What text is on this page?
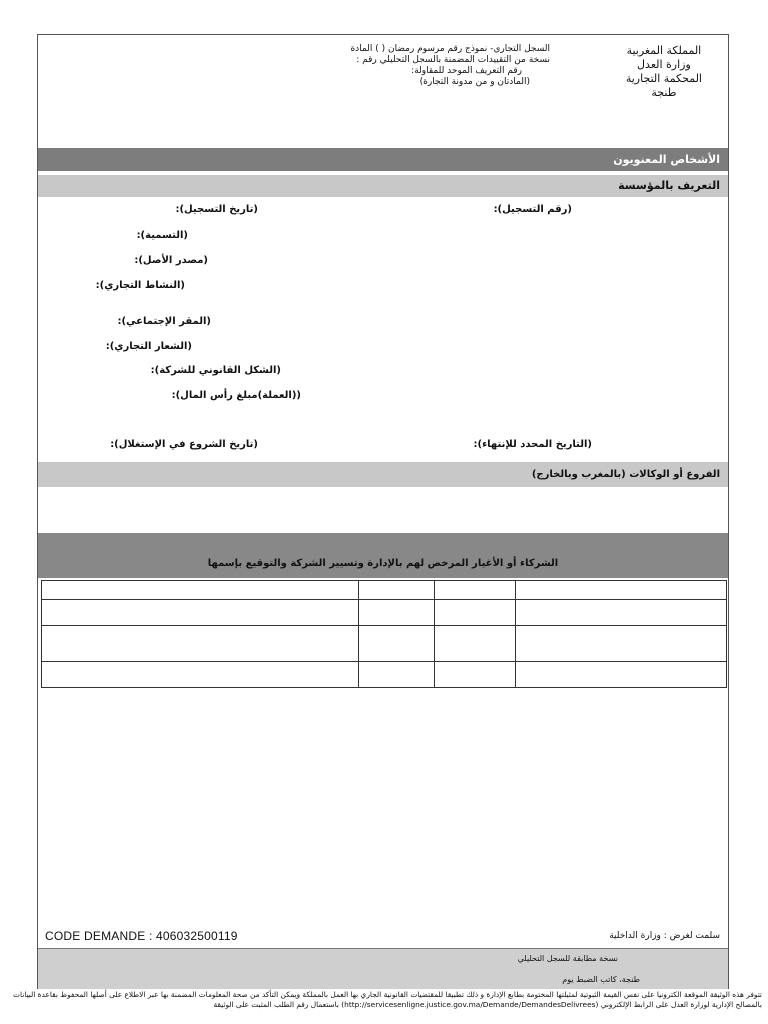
المملكة المغربية
وزارة العدل
المحكمة التجارية
طنجة
السجل التجاري- نموذج رقم مرسوم رمضان ( ) المادة
نسخة من التقييدات المضمنة بالسجل التحليلي رقم :
رقم التعريف الموحد للمقاولة:
(المادتان و من مدونة التجارة)
الأشخاص المعنويون
التعريف بالمؤسسة
(رقم التسجيل):
(تاريخ التسجيل):
(التسمية):
(مصدر الأصل):
(النشاط التجاري):
(المقر الإجتماعي):
(الشعار التجاري):
(الشكل القانوني للشركة):
((العملة)مبلغ رأس المال):
(التاريخ المحدد للإنتهاء):
(تاريخ الشروع في الإستغلال):
الفروع أو الوكالات (بالمغرب وبالخارج)
الشركاء أو الأغيار المرخص لهم بالإدارة وتسيير الشركة والتوقيع بإسمها

CODE DEMANDE : 406032500119	سلمت لغرض : وزارة الداخلية
نسخة مطابقة للسجل التحليلي
طنجة، كاتب الضبط يوم
تتوفر هذه الوثيقة الموقعة الكترونيا على نفس القيمة الثبوتية لمثيلتها المختومة بطابع الإدارة و ذلك تطبيقا للمقتضيات القانونية الجاري بها العمل بالمملكة ويمكن التأكد من صحة المعلومات المضمنة بها عبر الاطلاع على أصلها المحفوظ بقاعدة البيانات بالمصالح الإدارية لوزارة العدل على الرابط الإلكتروني (http://servicesenligne.justice.gov.ma/Demande/DemandesDelivrees) باستعمال رقم الطلب المثبت على الوثيقة
